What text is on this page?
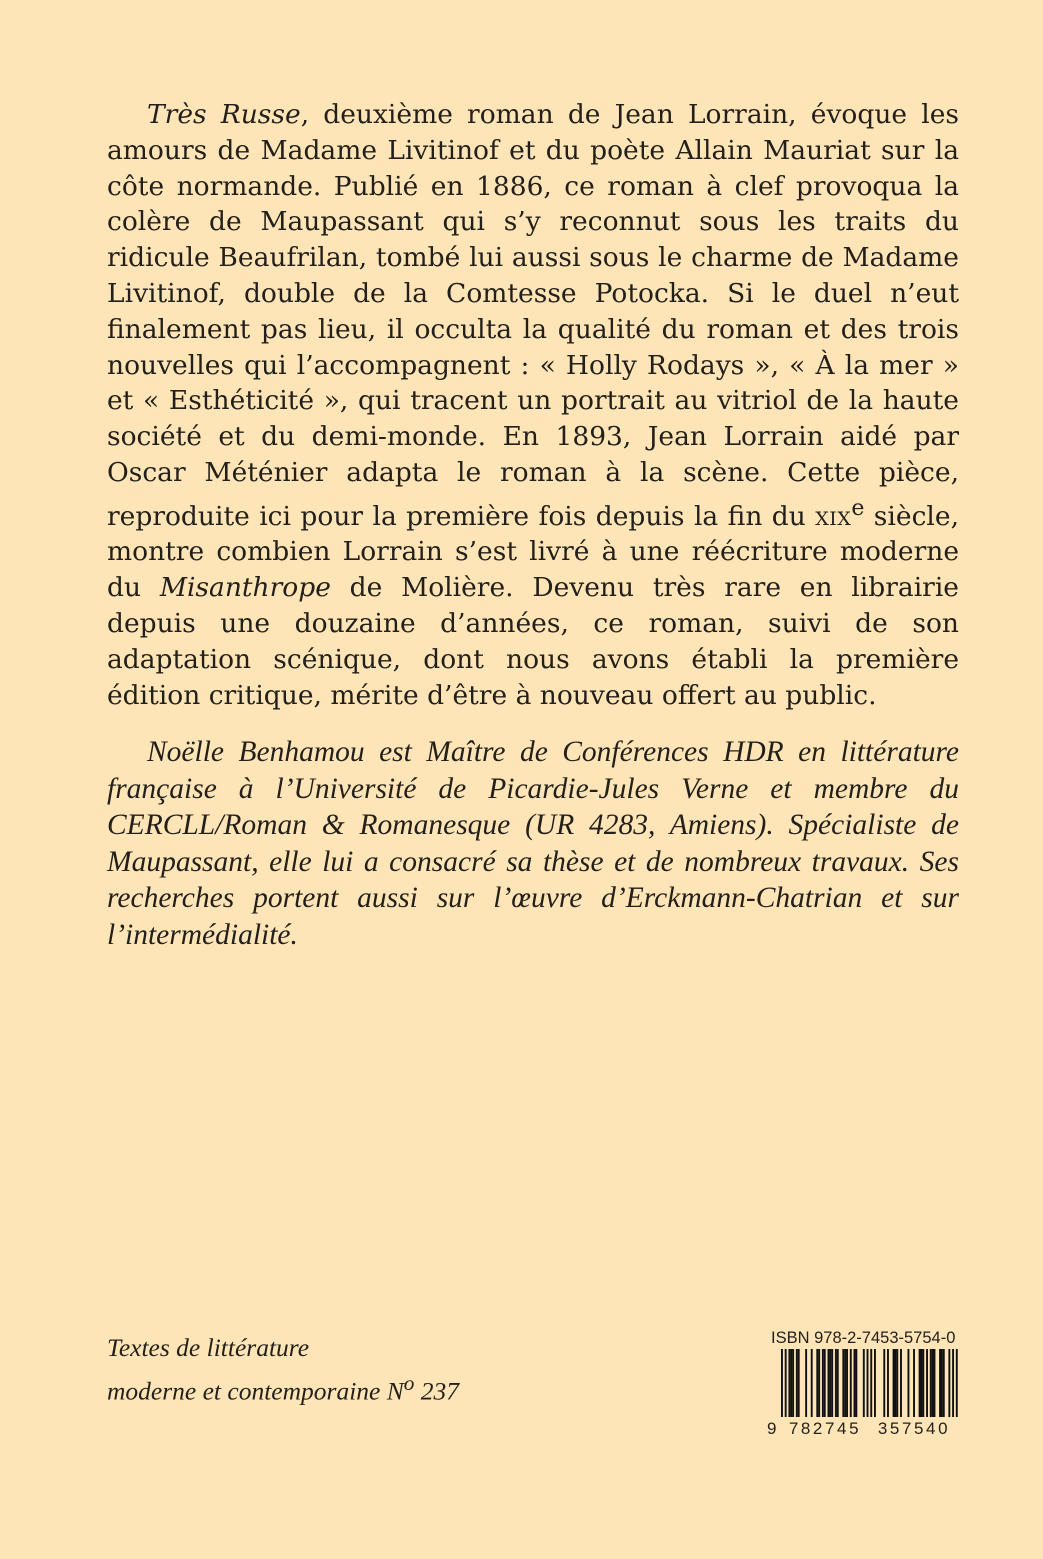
Très Russe, deuxième roman de Jean Lorrain, évoque les amours de Madame Livitinof et du poète Allain Mauriat sur la côte normande. Publié en 1886, ce roman à clef provoqua la colère de Maupassant qui s’y reconnut sous les traits du ridicule Beaufrilan, tombé lui aussi sous le charme de Madame Livitinof, double de la Comtesse Potocka. Si le duel n’eut finalement pas lieu, il occulta la qualité du roman et des trois nouvelles qui l’accompagnent : « Holly Rodays », « À la mer » et « Esthéticité », qui tracent un portrait au vitriol de la haute société et du demi-monde. En 1893, Jean Lorrain aidé par Oscar Méténier adapta le roman à la scène. Cette pièce, reproduite ici pour la première fois depuis la fin du xix$^e$ siècle, montre combien Lorrain s’est livré à une réécriture moderne du Misanthrope de Molière. Devenu très rare en librairie depuis une douzaine d’années, ce roman, suivi de son adaptation scénique, dont nous avons établi la première édition critique, mérite d’être à nouveau offert au public.

Noëlle Benhamou est Maître de Conférences HDR en littérature française à l’Université de Picardie-Jules Verne et membre du CERCLL/Roman & Romanesque (UR 4283, Amiens). Spécialiste de Maupassant, elle lui a consacré sa thèse et de nombreux travaux. Ses recherches portent aussi sur l’œuvre d’Erckmann-Chatrian et sur l’intermédialité.

Textes de littérature
moderne et contemporaine $N^o$ 237
ISBN 978-2-7453-5754-0
9 782745 357540
